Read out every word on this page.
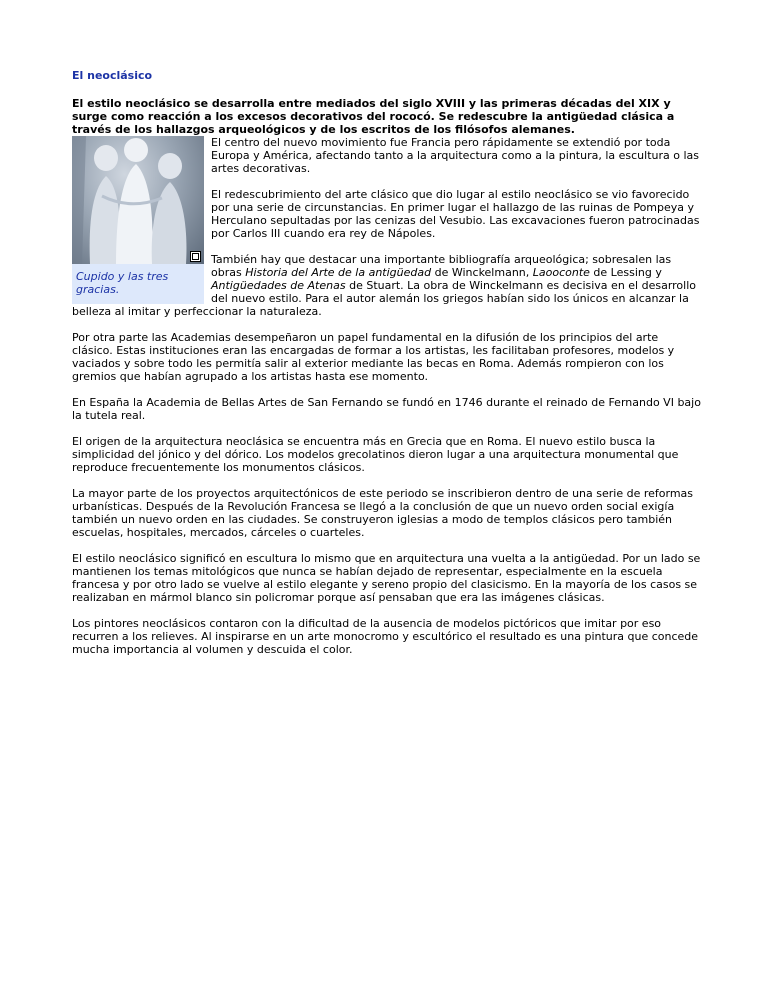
El neoclásico

El estilo neoclásico se desarrolla entre mediados del siglo XVIII y las primeras décadas del XIX y surge como reacción a los excesos decorativos del rococó. Se redescubre la antigüedad clásica a través de los hallazgos arqueológicos y de los escritos de los filósofos alemanes.

Cupido y las tres gracias.

El centro del nuevo movimiento fue Francia pero rápidamente se extendió por toda Europa y América, afectando tanto a la arquitectura como a la pintura, la escultura o las artes decorativas.

El redescubrimiento del arte clásico que dio lugar al estilo neoclásico se vio favorecido por una serie de circunstancias. En primer lugar el hallazgo de las ruinas de Pompeya y Herculano sepultadas por las cenizas del Vesubio. Las excavaciones fueron patrocinadas por Carlos III cuando era rey de Nápoles.

También hay que destacar una importante bibliografía arqueológica; sobresalen las obras Historia del Arte de la antigüedad de Winckelmann, Laooconte de Lessing y Antigüedades de Atenas de Stuart. La obra de Winckelmann es decisiva en el desarrollo del nuevo estilo. Para el autor alemán los griegos habían sido los únicos en alcanzar la belleza al imitar y perfeccionar la naturaleza.

Por otra parte las Academias desempeñaron un papel fundamental en la difusión de los principios del arte clásico. Estas instituciones eran las encargadas de formar a los artistas, les facilitaban profesores, modelos y vaciados y sobre todo les permitía salir al exterior mediante las becas en Roma. Además rompieron con los gremios que habían agrupado a los artistas hasta ese momento.

En España la Academia de Bellas Artes de San Fernando se fundó en 1746 durante el reinado de Fernando VI bajo la tutela real.

El origen de la arquitectura neoclásica se encuentra más en Grecia que en Roma. El nuevo estilo busca la simplicidad del jónico y del dórico. Los modelos grecolatinos dieron lugar a una arquitectura monumental que reproduce frecuentemente los monumentos clásicos.

La mayor parte de los proyectos arquitectónicos de este periodo se inscribieron dentro de una serie de reformas urbanísticas. Después de la Revolución Francesa se llegó a la conclusión de que un nuevo orden social exigía también un nuevo orden en las ciudades. Se construyeron iglesias a modo de templos clásicos pero también escuelas, hospitales, mercados, cárceles o cuarteles.

El estilo neoclásico significó en escultura lo mismo que en arquitectura una vuelta a la antigüedad. Por un lado se mantienen los temas mitológicos que nunca se habían dejado de representar, especialmente en la escuela francesa y por otro lado se vuelve al estilo elegante y sereno propio del clasicismo. En la mayoría de los casos se realizaban en mármol blanco sin policromar porque así pensaban que era las imágenes clásicas.

Los pintores neoclásicos contaron con la dificultad de la ausencia de modelos pictóricos que imitar por eso recurren a los relieves. Al inspirarse en un arte monocromo y escultórico el resultado es una pintura que concede mucha importancia al volumen y descuida el color.
